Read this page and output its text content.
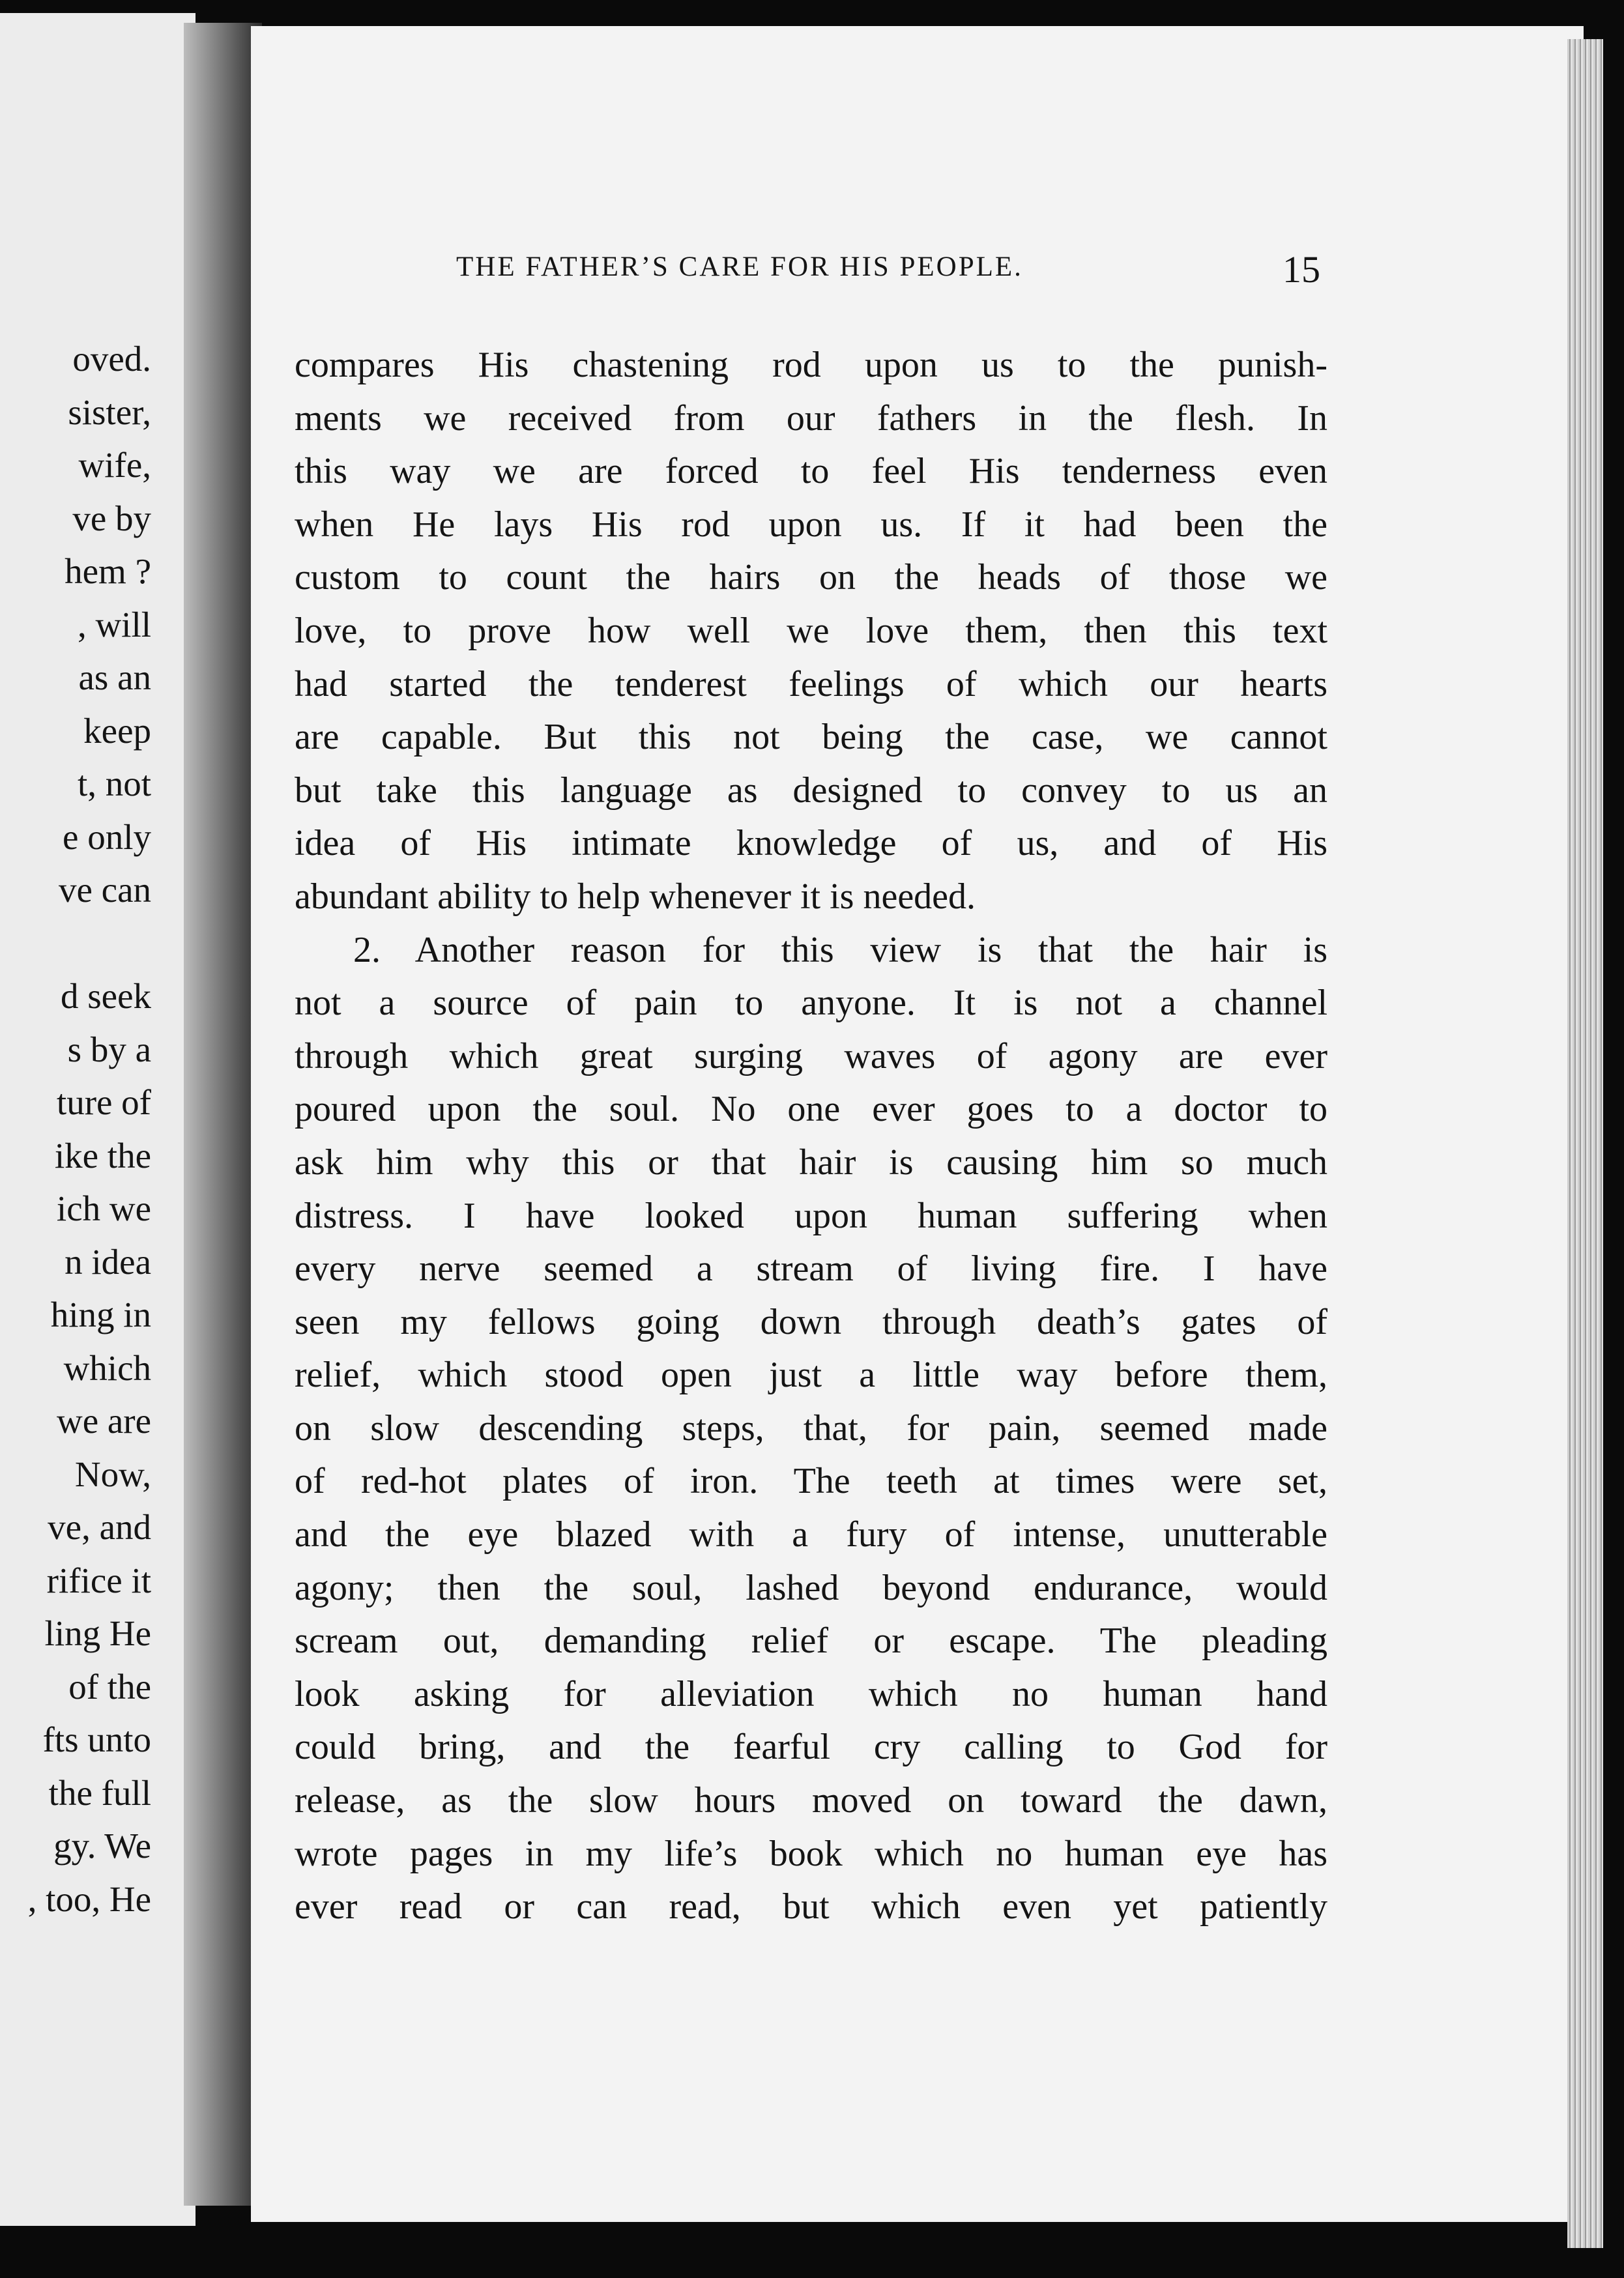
oved.
sister,
wife,
ve by
hem ?
, will
as an
keep
t, not
e only
ve can
d seek
s by a
ture of
ike the
ich we
n idea
hing in
which
we are
Now,
ve, and
rifice it
ling He
of the
fts unto
the full
gy. We
, too, He
THE FATHER’S CARE FOR HIS PEOPLE.	15
compares His chastening rod upon us to the punish-
ments we received from our fathers in the flesh. In
this way we are forced to feel His tenderness even
when He lays His rod upon us. If it had been the
custom to count the hairs on the heads of those we
love, to prove how well we love them, then this text
had started the tenderest feelings of which our hearts
are capable. But this not being the case, we cannot
but take this language as designed to convey to us an
idea of His intimate knowledge of us, and of His
abundant ability to help whenever it is needed.
2. Another reason for this view is that the hair is
not a source of pain to anyone. It is not a channel
through which great surging waves of agony are ever
poured upon the soul. No one ever goes to a doctor to
ask him why this or that hair is causing him so much
distress. I have looked upon human suffering when
every nerve seemed a stream of living fire. I have
seen my fellows going down through death’s gates of
relief, which stood open just a little way before them,
on slow descending steps, that, for pain, seemed made
of red-hot plates of iron. The teeth at times were set,
and the eye blazed with a fury of intense, unutterable
agony; then the soul, lashed beyond endurance, would
scream out, demanding relief or escape. The pleading
look asking for alleviation which no human hand
could bring, and the fearful cry calling to God for
release, as the slow hours moved on toward the dawn,
wrote pages in my life’s book which no human eye has
ever read or can read, but which even yet patiently
